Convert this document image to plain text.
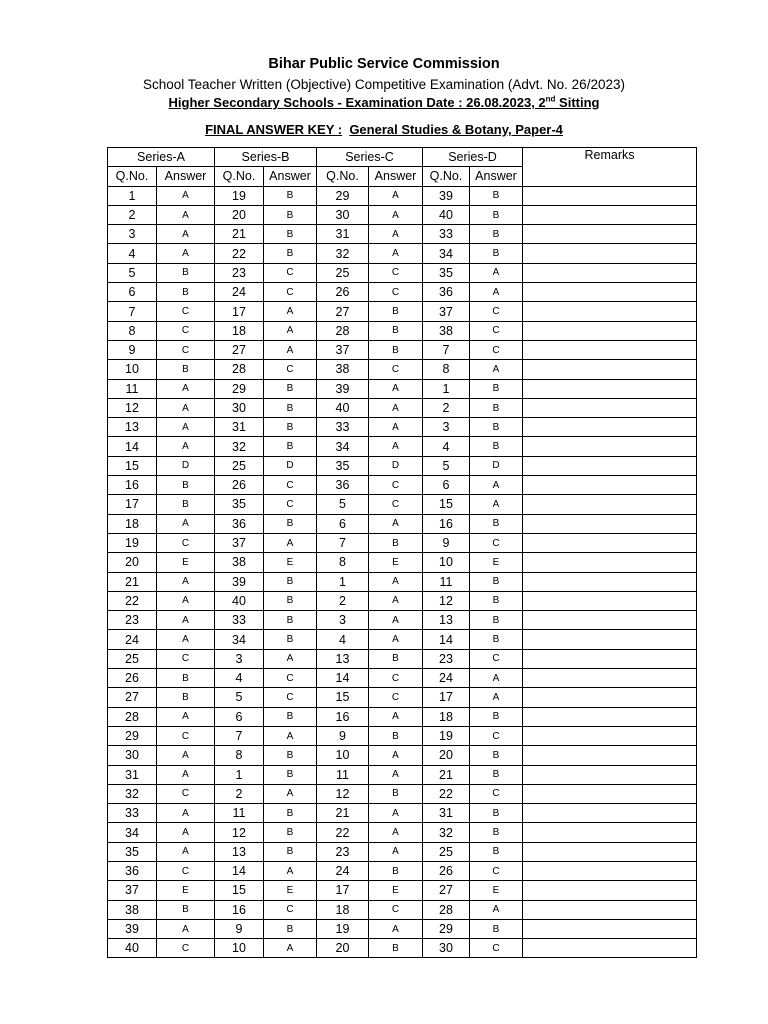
Bihar Public Service Commission
School Teacher Written (Objective) Competitive Examination (Advt. No. 26/2023)
Higher Secondary Schools - Examination Date : 26.08.2023, 2nd Sitting
FINAL ANSWER KEY : General Studies & Botany, Paper-4
Series-A		Series-B		Series-C		Series-D		Remarks
Q.No.	Answer	Q.No.	Answer	Q.No.	Answer	Q.No.	Answer	
1	A	19	B	29	A	39	B	
2	A	20	B	30	A	40	B	
3	A	21	B	31	A	33	B	
4	A	22	B	32	A	34	B	
5	B	23	C	25	C	35	A	
6	B	24	C	26	C	36	A	
7	C	17	A	27	B	37	C	
8	C	18	A	28	B	38	C	
9	C	27	A	37	B	7	C	
10	B	28	C	38	C	8	A	
11	A	29	B	39	A	1	B	
12	A	30	B	40	A	2	B	
13	A	31	B	33	A	3	B	
14	A	32	B	34	A	4	B	
15	D	25	D	35	D	5	D	
16	B	26	C	36	C	6	A	
17	B	35	C	5	C	15	A	
18	A	36	B	6	A	16	B	
19	C	37	A	7	B	9	C	
20	E	38	E	8	E	10	E	
21	A	39	B	1	A	11	B	
22	A	40	B	2	A	12	B	
23	A	33	B	3	A	13	B	
24	A	34	B	4	A	14	B	
25	C	3	A	13	B	23	C	
26	B	4	C	14	C	24	A	
27	B	5	C	15	C	17	A	
28	A	6	B	16	A	18	B	
29	C	7	A	9	B	19	C	
30	A	8	B	10	A	20	B	
31	A	1	B	11	A	21	B	
32	C	2	A	12	B	22	C	
33	A	11	B	21	A	31	B	
34	A	12	B	22	A	32	B	
35	A	13	B	23	A	25	B	
36	C	14	A	24	B	26	C	
37	E	15	E	17	E	27	E	
38	B	16	C	18	C	28	A	
39	A	9	B	19	A	29	B	
40	C	10	A	20	B	30	C	
